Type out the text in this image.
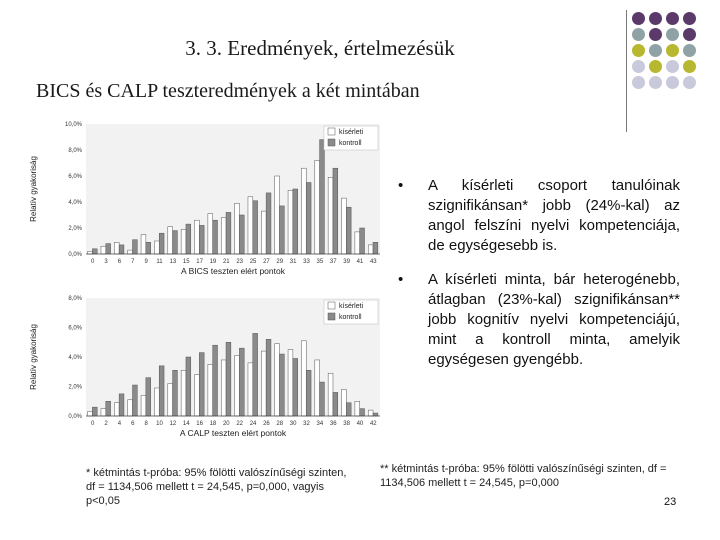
3. 3. Eredmények, értelmezésük
BICS és CALP teszteredmények a két mintában
0,0%
2,0%
4,0%
6,0%
8,0%
10,0%
0 3 6 7 9 11 13 15 17 19 21 23 25 27 29 31 33 35 37 39 41 43
A BICS teszten elért pontok
Relatív gyakoriság
kísérleti
kontroll
0,0%
2,0%
4,0%
6,0%
8,0%
0 2 4 6 8 10 12 14 16 18 20 22 24 26 28 30 32 34 36 38 40 42
A CALP teszten elért pontok
Relatív gyakoriság
kísérleti
kontroll
• A kísérleti csoport tanulóinak szignifikánsan* jobb (24%-kal) az angol felszíni nyelvi kompetenciája, de egységesebb is.
• A kísérleti minta, bár heterogénebb, átlagban (23%-kal) szignifikánsan** jobb kognitív nyelvi kompetenciájú, mint a kontroll minta, amelyik egységesen gyengébb.
* kétmintás t-próba: 95% fölötti valószínűségi szinten, df = 1134,506 mellett t = 24,545, p=0,000, vagyis p<0,05
** kétmintás t-próba: 95% fölötti valószínűségi szinten, df = 1134,506 mellett t = 24,545, p=0,000
23
